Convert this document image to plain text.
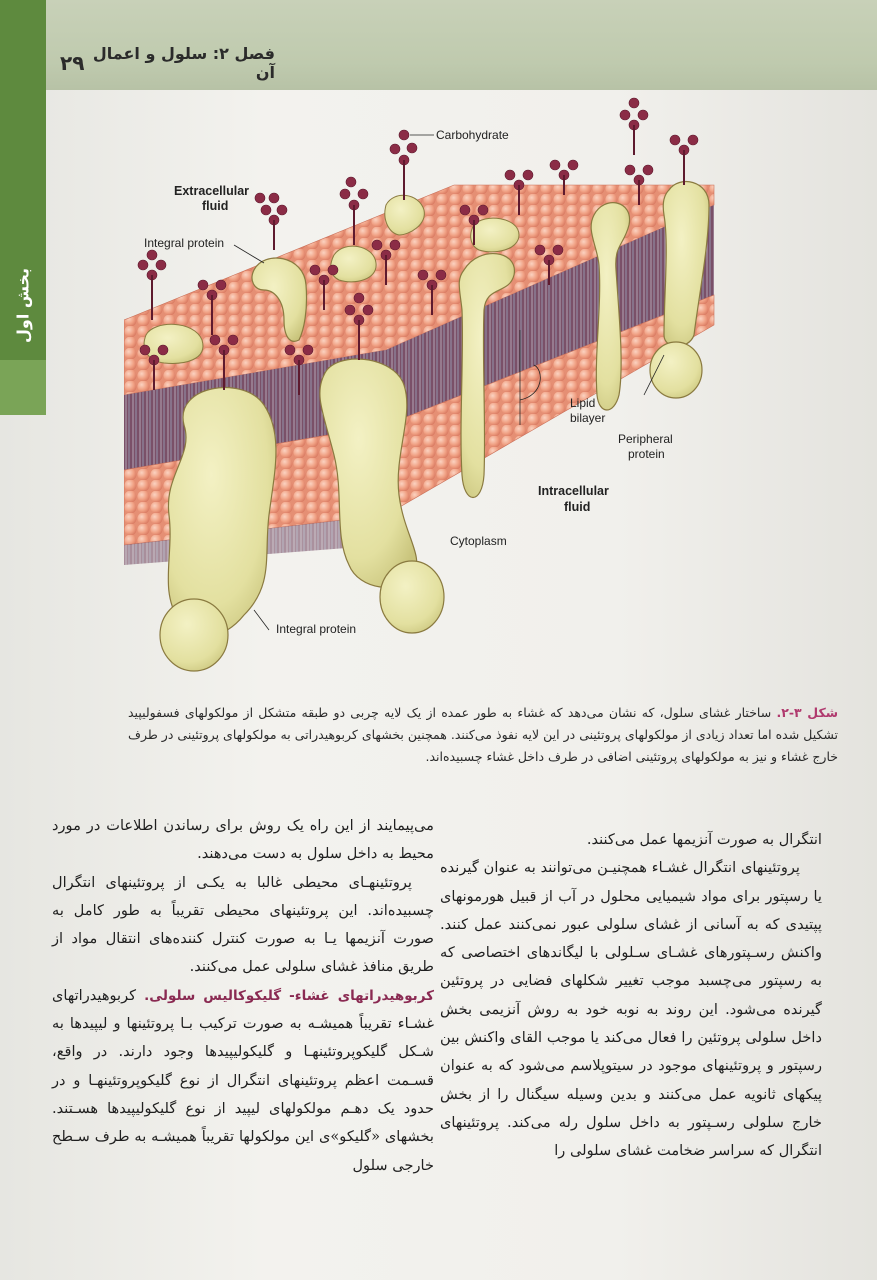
بخش اول
فصل ۲: سلول و اعمال آن
۲۹
Carbohydrate
Extracellular
fluid
Integral protein
Lipid
bilayer
Peripheral
protein
Intracellular
fluid
Cytoplasm
Integral protein
شکل ۳-۲. ساختار غشای سلول، که نشان می‌دهد که غشاء به طور عمده از یک لایه چربی دو طبقه متشکل از مولکولهای فسفولیپید تشکیل شده اما تعداد زیادی از مولکولهای پروتئینی در این لایه نفوذ می‌کنند. همچنین بخشهای کربوهیدراتی به مولکولهای پروتئینی در طرف خارج غشاء و نیز به مولکولهای پروتئینی اضافی در طرف داخل غشاء چسبیده‌اند.

انتگرال به صورت آنزیمها عمل می‌کنند.

پروتئینهای انتگرال غشـاء همچنیـن می‌توانند به عنوان گیرنده یا رسپتور برای مواد شیمیایی محلول در آب از قبیل هورمونهای پپتیدی که به آسانی از غشای سلولی عبور نمی‌کنند عمل کنند. واکنش رسـپتورهای غشـای سـلولی با لیگاندهای اختصاصی که به رسپتور می‌چسبد موجب تغییر شکلهای فضایی در پروتئین گیرنده می‌شود. این روند به نوبه خود به روش آنزیمی بخش داخل سلولی پروتئین را فعال می‌کند یا موجب القای واکنش بین رسپتور و پروتئینهای موجود در سیتوپلاسم می‌شود که به عنوان پیکهای ثانویه عمل می‌کنند و بدین وسیله سیگنال را از بخش خارج سلولی رسـپتور به داخل سلول رله می‌کند. پروتئینهای انتگرال که سراسر ضخامت غشای سلولی را

می‌پیمایند از این راه یک روش برای رساندن اطلاعات در مورد محیط به داخل سلول به دست می‌دهند.

پروتئینهـای محیطی غالبا به یکـی از پروتئینهای انتگرال چسبیده‌اند. این پروتئینهای محیطی تقریباً به طور کامل به صورت آنزیمها یـا به صورت کنترل کننده‌های انتقال مواد از طریق منافذ غشای سلولی عمل می‌کنند.

کربوهیدراتهای غشاء- گلیکوکالیس سلولی. کربوهیدراتهای غشـاء تقریباً همیشـه به صورت ترکیب بـا پروتئینها و لیپیدها به شـکل گلیکوپروتئینهـا و گلیکولیپیدها وجود دارند. در واقع، قسـمت اعظم پروتئینهای انتگرال از نوع گلیکوپروتئینهـا و در حدود یک دهـم مولکولهای لیپید از نوع گلیکولیپیدها هسـتند. بخشهای «گلیکو»ی این مولکولها تقریباً همیشـه به طرف سـطح خارجی سلول
